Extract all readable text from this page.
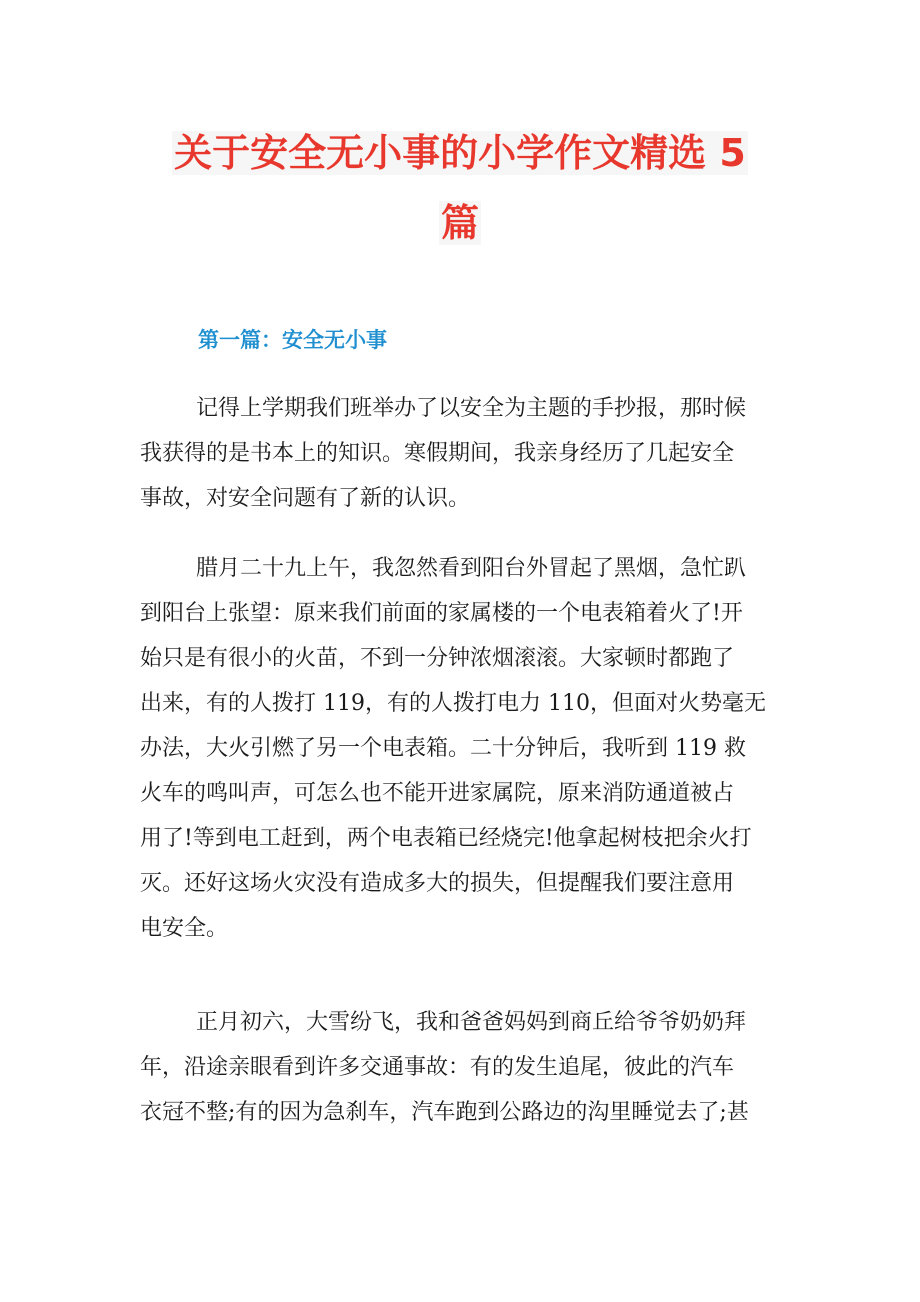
关于安全无小事的小学作文精选 5
篇
第一篇：安全无小事

记得上学期我们班举办了以安全为主题的手抄报，那时候
我获得的是书本上的知识。寒假期间，我亲身经历了几起安全
事故，对安全问题有了新的认识。

腊月二十九上午，我忽然看到阳台外冒起了黑烟，急忙趴
到阳台上张望：原来我们前面的家属楼的一个电表箱着火了!开
始只是有很小的火苗，不到一分钟浓烟滚滚。大家顿时都跑了
出来，有的人拨打 119，有的人拨打电力 110，但面对火势毫无
办法，大火引燃了另一个电表箱。二十分钟后，我听到 119 救
火车的鸣叫声，可怎么也不能开进家属院，原来消防通道被占
用了!等到电工赶到，两个电表箱已经烧完!他拿起树枝把余火打
灭。还好这场火灾没有造成多大的损失，但提醒我们要注意用
电安全。

正月初六，大雪纷飞，我和爸爸妈妈到商丘给爷爷奶奶拜
年，沿途亲眼看到许多交通事故：有的发生追尾，彼此的汽车
衣冠不整;有的因为急刹车，汽车跑到公路边的沟里睡觉去了;甚
